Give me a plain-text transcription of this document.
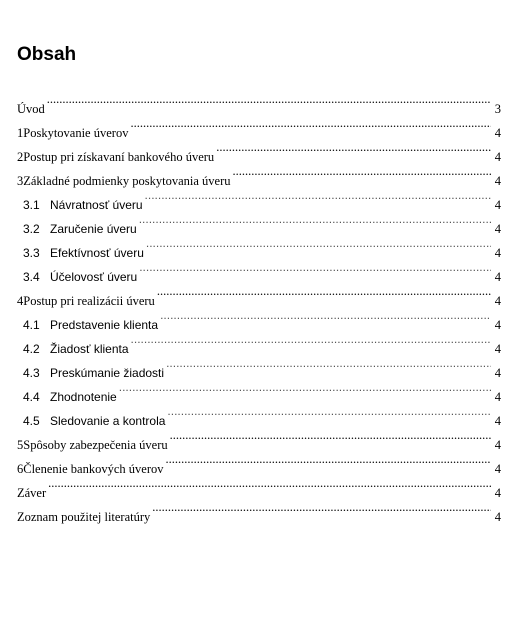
Obsah
Úvod .....	3
1 Poskytovanie úverov .....	4
2 Postup pri získavaní bankového úveru .....	4
3 Základné podmienky poskytovania úveru .....	4
3.1 Návratnosť úveru .....	4
3.2 Zaručenie úveru .....	4
3.3 Efektívnosť úveru .....	4
3.4 Účelovosť úveru .....	4
4 Postup pri realizácii úveru .....	4
4.1 Predstavenie klienta .....	4
4.2 Žiadosť klienta .....	4
4.3 Preskúmanie žiadosti .....	4
4.4 Zhodnotenie .....	4
4.5 Sledovanie a kontrola .....	4
5 Spôsoby zabezpečenia úveru .....	4
6 Členenie bankových úverov .....	4
Záver .....	4
Zoznam použitej literatúry .....	4
